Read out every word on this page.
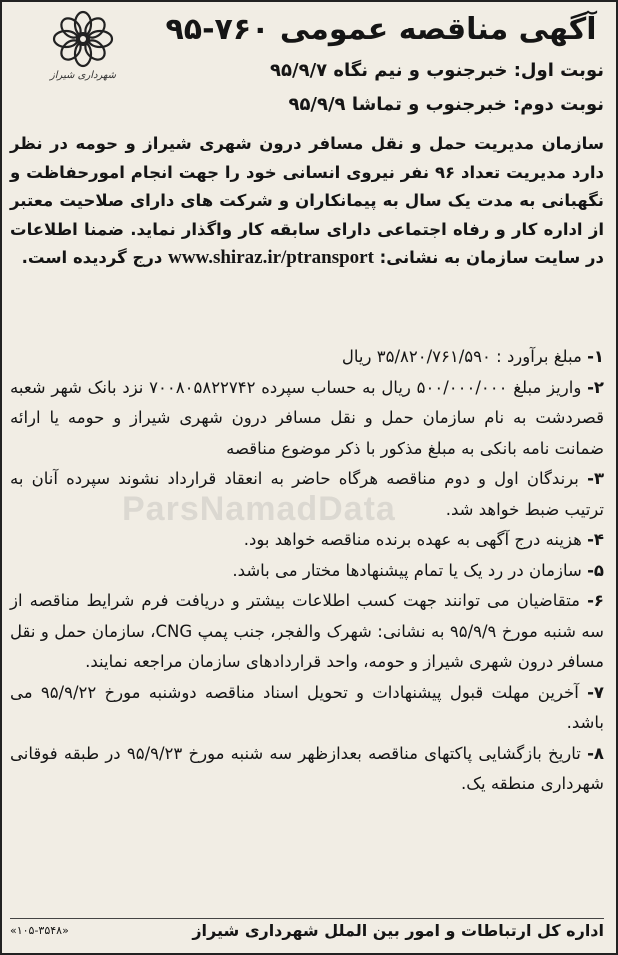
شهرداری شیراز
آگهی مناقصه عمومی ۷۶۰-۹۵
نوبت اول: خبرجنوب و نیم نگاه ۹۵/۹/۷
نوبت دوم: خبرجنوب و تماشا ۹۵/۹/۹
سازمان مدیریت حمل و نقل مسافر درون شهری شیراز و حومه در نظر دارد مدیریت تعداد ۹۶ نفر نیروی انسانی خود را جهت انجام امورحفاظت و نگهبانی به مدت یک سال به پیمانکاران و شرکت های دارای صلاحیت معتبر از اداره کار و رفاه اجتماعی دارای سابقه کار واگذار نماید. ضمنا اطلاعات در سایت سازمان به نشانی: www.shiraz.ir/ptransport درج گردیده است.

۱- مبلغ برآورد : ۳۵/۸۲۰/۷۶۱/۵۹۰ ریال

۲- واریز مبلغ ۵۰۰/۰۰۰/۰۰۰ ریال به حساب سپرده ۷۰۰۸۰۵۸۲۲۷۴۲ نزد بانک شهر شعبه قصردشت به نام سازمان حمل و نقل مسافر درون شهری شیراز و حومه یا ارائه ضمانت نامه بانکی به مبلغ مذکور با ذکر موضوع مناقصه

۳- برندگان اول و دوم مناقصه هرگاه حاضر به انعقاد قرارداد نشوند سپرده آنان به ترتیب ضبط خواهد شد.

۴- هزینه درج آگهی به عهده برنده مناقصه خواهد بود.

۵- سازمان در رد یک یا تمام پیشنهادها مختار می باشد.

۶- متقاضیان می توانند جهت کسب اطلاعات بیشتر و دریافت فرم شرایط مناقصه از سه شنبه مورخ ۹۵/۹/۹ به نشانی: شهرک والفجر، جنب پمپ CNG، سازمان حمل و نقل مسافر درون شهری شیراز و حومه، واحد قراردادهای سازمان مراجعه نمایند.

۷- آخرین مهلت قبول پیشنهادات و تحویل اسناد مناقصه دوشنبه مورخ ۹۵/۹/۲۲ می باشد.

۸- تاریخ بازگشایی پاکتهای مناقصه بعدازظهر سه شنبه مورخ ۹۵/۹/۲۳ در طبقه فوقانی شهرداری منطقه یک.

ParsNamadData
اداره کل ارتباطات و امور بین الملل شهرداری شیراز
«۱۰۵-۳۵۴۸»
